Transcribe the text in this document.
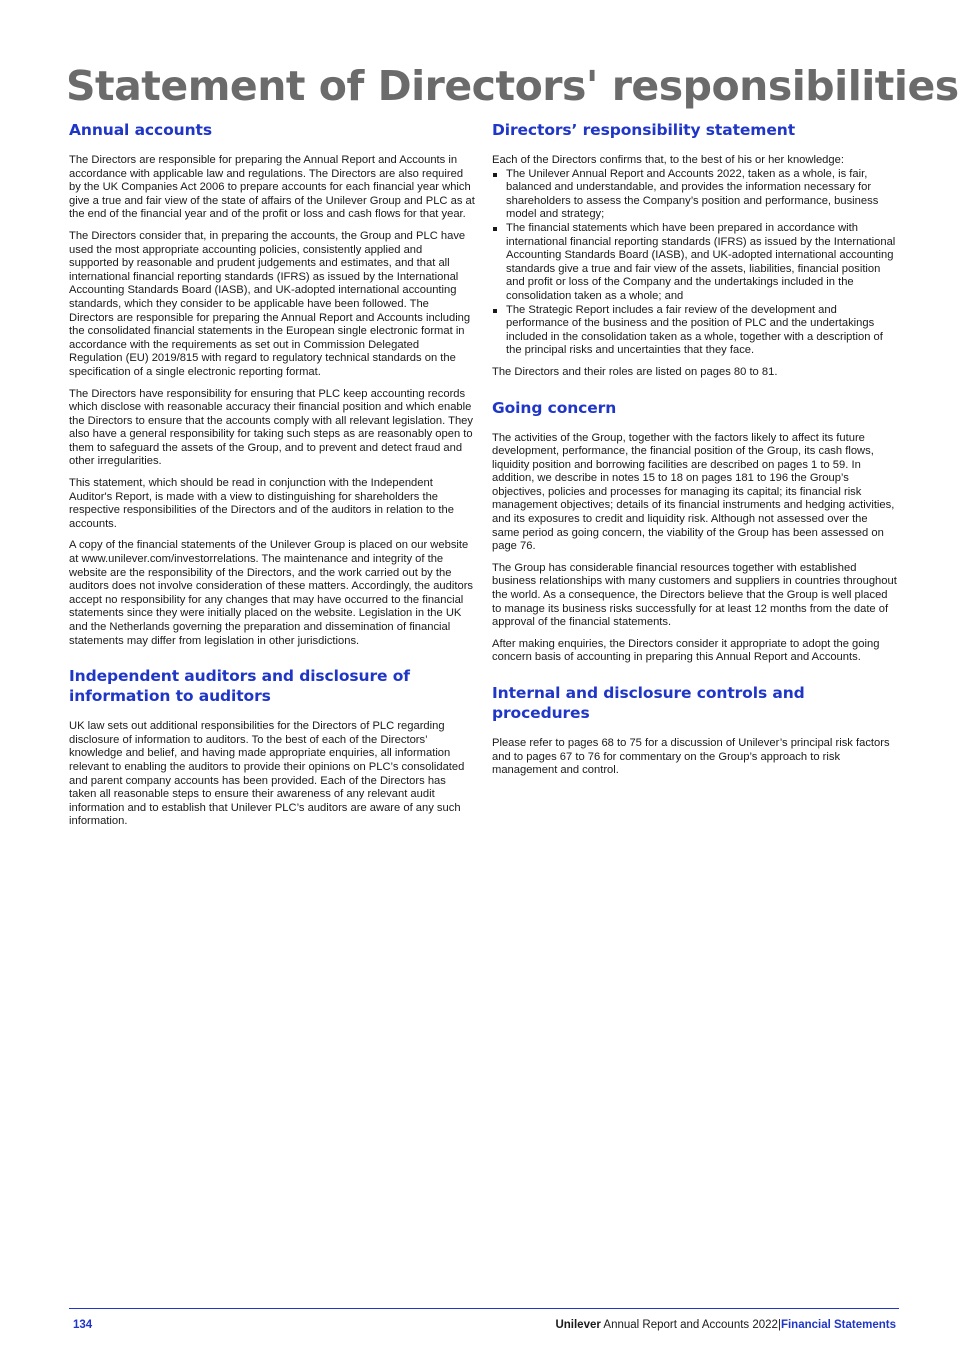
Statement of Directors' responsibilities
Annual accounts

The Directors are responsible for preparing the Annual Report and Accounts in accordance with applicable law and regulations. The Directors are also required by the UK Companies Act 2006 to prepare accounts for each financial year which give a true and fair view of the state of affairs of the Unilever Group and PLC as at the end of the financial year and of the profit or loss and cash flows for that year.

The Directors consider that, in preparing the accounts, the Group and PLC have used the most appropriate accounting policies, consistently applied and supported by reasonable and prudent judgements and estimates, and that all international financial reporting standards (IFRS) as issued by the International Accounting Standards Board (IASB), and UK-adopted international accounting standards, which they consider to be applicable have been followed. The Directors are responsible for preparing the Annual Report and Accounts including the consolidated financial statements in the European single electronic format in accordance with the requirements as set out in Commission Delegated Regulation (EU) 2019/815 with regard to regulatory technical standards on the specification of a single electronic reporting format.

The Directors have responsibility for ensuring that PLC keep accounting records which disclose with reasonable accuracy their financial position and which enable the Directors to ensure that the accounts comply with all relevant legislation. They also have a general responsibility for taking such steps as are reasonably open to them to safeguard the assets of the Group, and to prevent and detect fraud and other irregularities.

This statement, which should be read in conjunction with the Independent Auditor's Report, is made with a view to distinguishing for shareholders the respective responsibilities of the Directors and of the auditors in relation to the accounts.

A copy of the financial statements of the Unilever Group is placed on our website at www.unilever.com/investorrelations. The maintenance and integrity of the website are the responsibility of the Directors, and the work carried out by the auditors does not involve consideration of these matters. Accordingly, the auditors accept no responsibility for any changes that may have occurred to the financial statements since they were initially placed on the website. Legislation in the UK and the Netherlands governing the preparation and dissemination of financial statements may differ from legislation in other jurisdictions.

Independent auditors and disclosure of information to auditors

UK law sets out additional responsibilities for the Directors of PLC regarding disclosure of information to auditors. To the best of each of the Directors’ knowledge and belief, and having made appropriate enquiries, all information relevant to enabling the auditors to provide their opinions on PLC’s consolidated and parent company accounts has been provided. Each of the Directors has taken all reasonable steps to ensure their awareness of any relevant audit information and to establish that Unilever PLC’s auditors are aware of any such information.

Directors’ responsibility statement

Each of the Directors confirms that, to the best of his or her knowledge:

The Unilever Annual Report and Accounts 2022, taken as a whole, is fair, balanced and understandable, and provides the information necessary for shareholders to assess the Company’s position and performance, business model and strategy;
The financial statements which have been prepared in accordance with international financial reporting standards (IFRS) as issued by the International Accounting Standards Board (IASB), and UK-adopted international accounting standards give a true and fair view of the assets, liabilities, financial position and profit or loss of the Company and the undertakings included in the consolidation taken as a whole; and
The Strategic Report includes a fair review of the development and performance of the business and the position of PLC and the undertakings included in the consolidation taken as a whole, together with a description of the principal risks and uncertainties that they face.

The Directors and their roles are listed on pages 80 to 81.

Going concern

The activities of the Group, together with the factors likely to affect its future development, performance, the financial position of the Group, its cash flows, liquidity position and borrowing facilities are described on pages 1 to 59. In addition, we describe in notes 15 to 18 on pages 181 to 196 the Group’s objectives, policies and processes for managing its capital; its financial risk management objectives; details of its financial instruments and hedging activities, and its exposures to credit and liquidity risk. Although not assessed over the same period as going concern, the viability of the Group has been assessed on page 76.

The Group has considerable financial resources together with established business relationships with many customers and suppliers in countries throughout the world. As a consequence, the Directors believe that the Group is well placed to manage its business risks successfully for at least 12 months from the date of approval of the financial statements.

After making enquiries, the Directors consider it appropriate to adopt the going concern basis of accounting in preparing this Annual Report and Accounts.

Internal and disclosure controls and procedures

Please refer to pages 68 to 75 for a discussion of Unilever’s principal risk factors and to pages 67 to 76 for commentary on the Group’s approach to risk management and control.

134	Unilever Annual Report and Accounts 2022|Financial Statements
